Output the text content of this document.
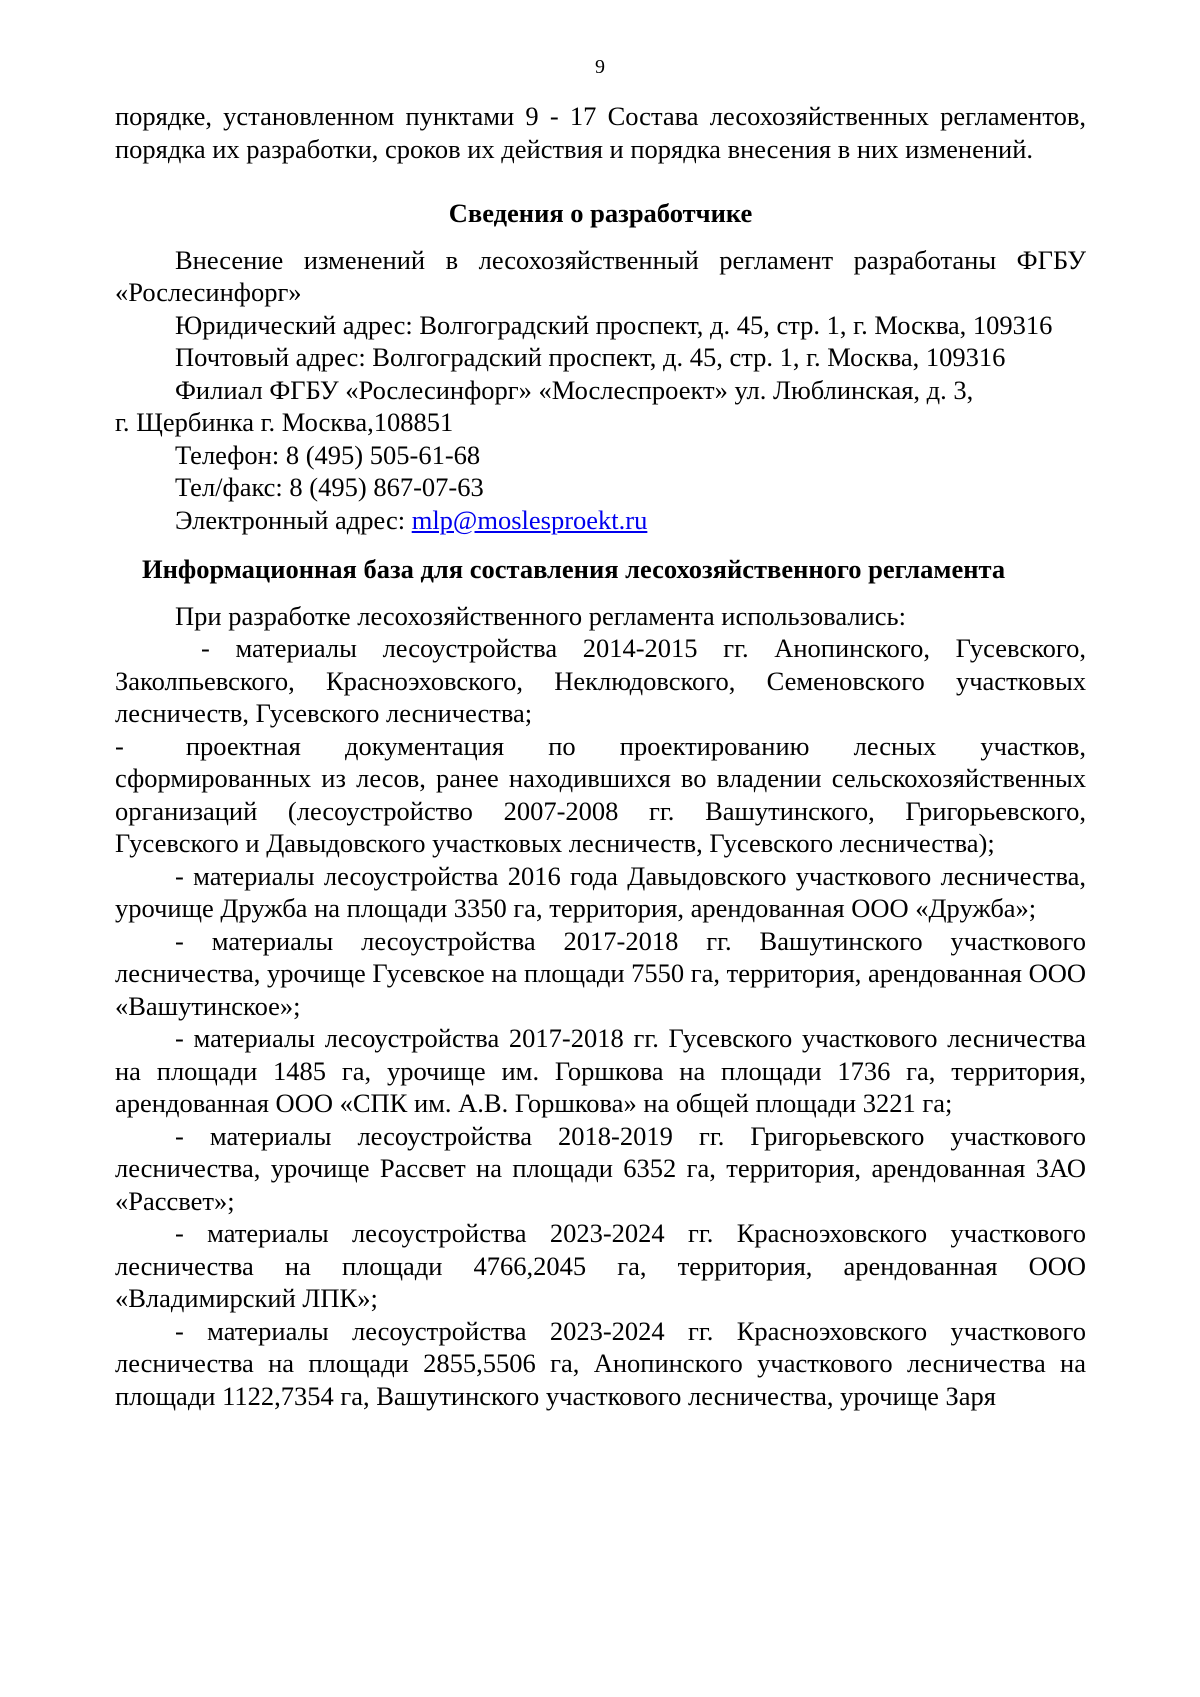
9

порядке, установленном пунктами 9 - 17 Состава лесохозяйственных регламентов, порядка их разработки, сроков их действия и порядка внесения в них изменений.

Сведения о разработчике

Внесение изменений в лесохозяйственный регламент разработаны ФГБУ «Рослесинфорг»

Юридический адрес: Волгоградский проспект, д. 45, стр. 1, г. Москва, 109316

Почтовый адрес: Волгоградский проспект, д. 45, стр. 1, г. Москва, 109316

Филиал ФГБУ «Рослесинфорг» «Мослеспроект» ул. Люблинская, д. 3,

г. Щербинка г. Москва,108851

Телефон: 8 (495) 505-61-68

Тел/факс: 8 (495) 867-07-63

Электронный адрес: mlp@moslesproekt.ru

Информационная база для составления лесохозяйственного регламента

При разработке лесохозяйственного регламента использовались:

- материалы лесоустройства 2014-2015 гг. Анопинского, Гусевского, Заколпьевского, Красноэховского, Неклюдовского, Семеновского участковых лесничеств, Гусевского лесничества;

- проектная документация по проектированию лесных участков, сформированных из лесов, ранее находившихся во владении сельскохозяйственных организаций (лесоустройство 2007-2008 гг. Вашутинского, Григорьевского, Гусевского и Давыдовского участковых лесничеств, Гусевского лесничества);

- материалы лесоустройства 2016 года Давыдовского участкового лесничества, урочище Дружба на площади 3350 га, территория, арендованная ООО «Дружба»;

- материалы лесоустройства 2017-2018 гг. Вашутинского участкового лесничества, урочище Гусевское на площади 7550 га, территория, арендованная ООО «Вашутинское»;

- материалы лесоустройства 2017-2018 гг. Гусевского участкового лесничества на площади 1485 га, урочище им. Горшкова на площади 1736 га, территория, арендованная ООО «СПК им. А.В. Горшкова» на общей площади 3221 га;

- материалы лесоустройства 2018-2019 гг. Григорьевского участкового лесничества, урочище Рассвет на площади 6352 га, территория, арендованная ЗАО «Рассвет»;

- материалы лесоустройства 2023-2024 гг. Красноэховского участкового лесничества на площади 4766,2045 га, территория, арендованная ООО «Владимирский ЛПК»;

- материалы лесоустройства 2023-2024 гг. Красноэховского участкового лесничества на площади 2855,5506 га, Анопинского участкового лесничества на площади 1122,7354 га, Вашутинского участкового лесничества, урочище Заря
